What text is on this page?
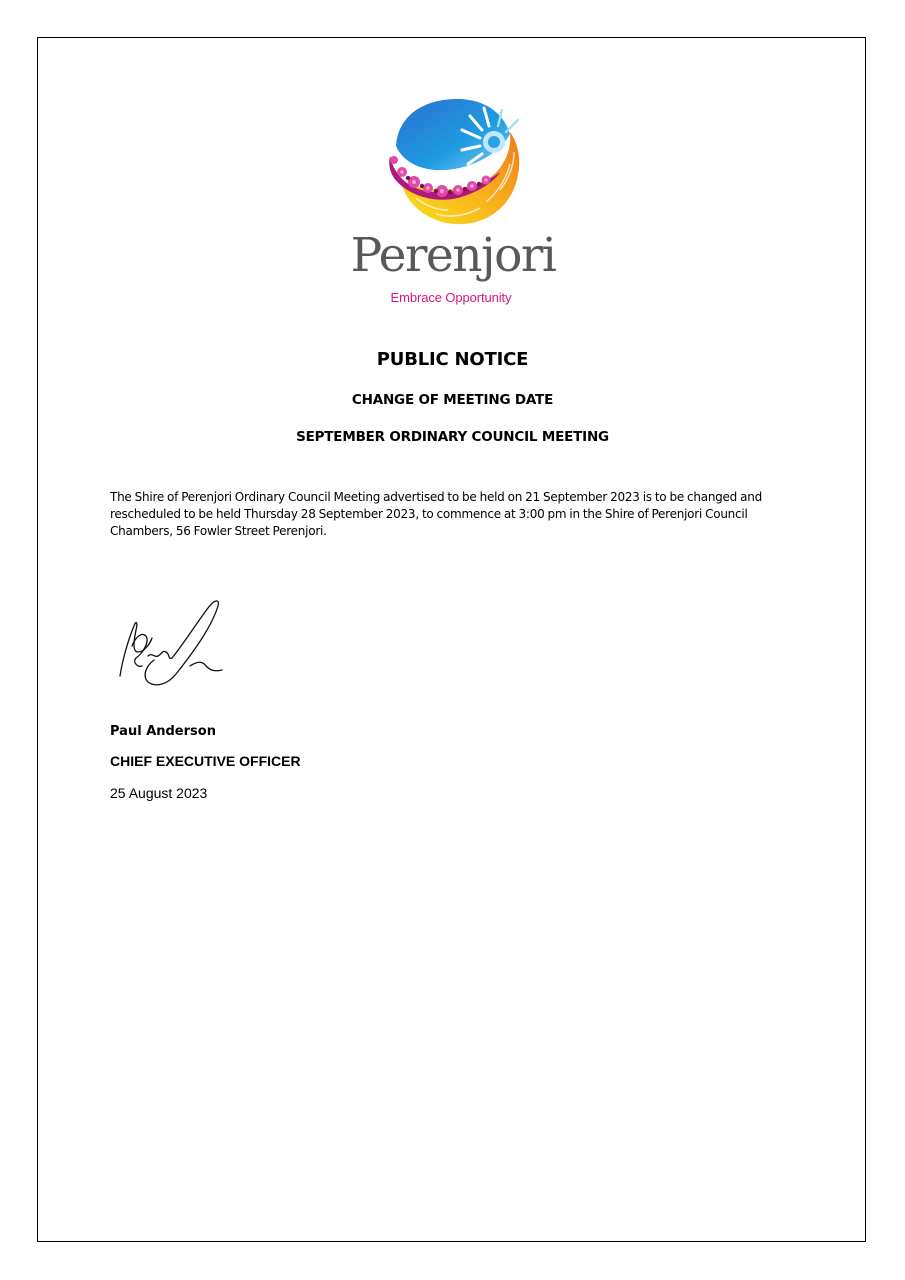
Perenjori
Embrace Opportunity
PUBLIC NOTICE
CHANGE OF MEETING DATE
SEPTEMBER ORDINARY COUNCIL MEETING
The Shire of Perenjori Ordinary Council Meeting advertised to be held on 21 September 2023 is to be changed and rescheduled to be held Thursday 28 September 2023, to commence at 3:00 pm in the Shire of Perenjori Council Chambers, 56 Fowler Street Perenjori.
Paul Anderson
CHIEF EXECUTIVE OFFICER
25 August 2023
